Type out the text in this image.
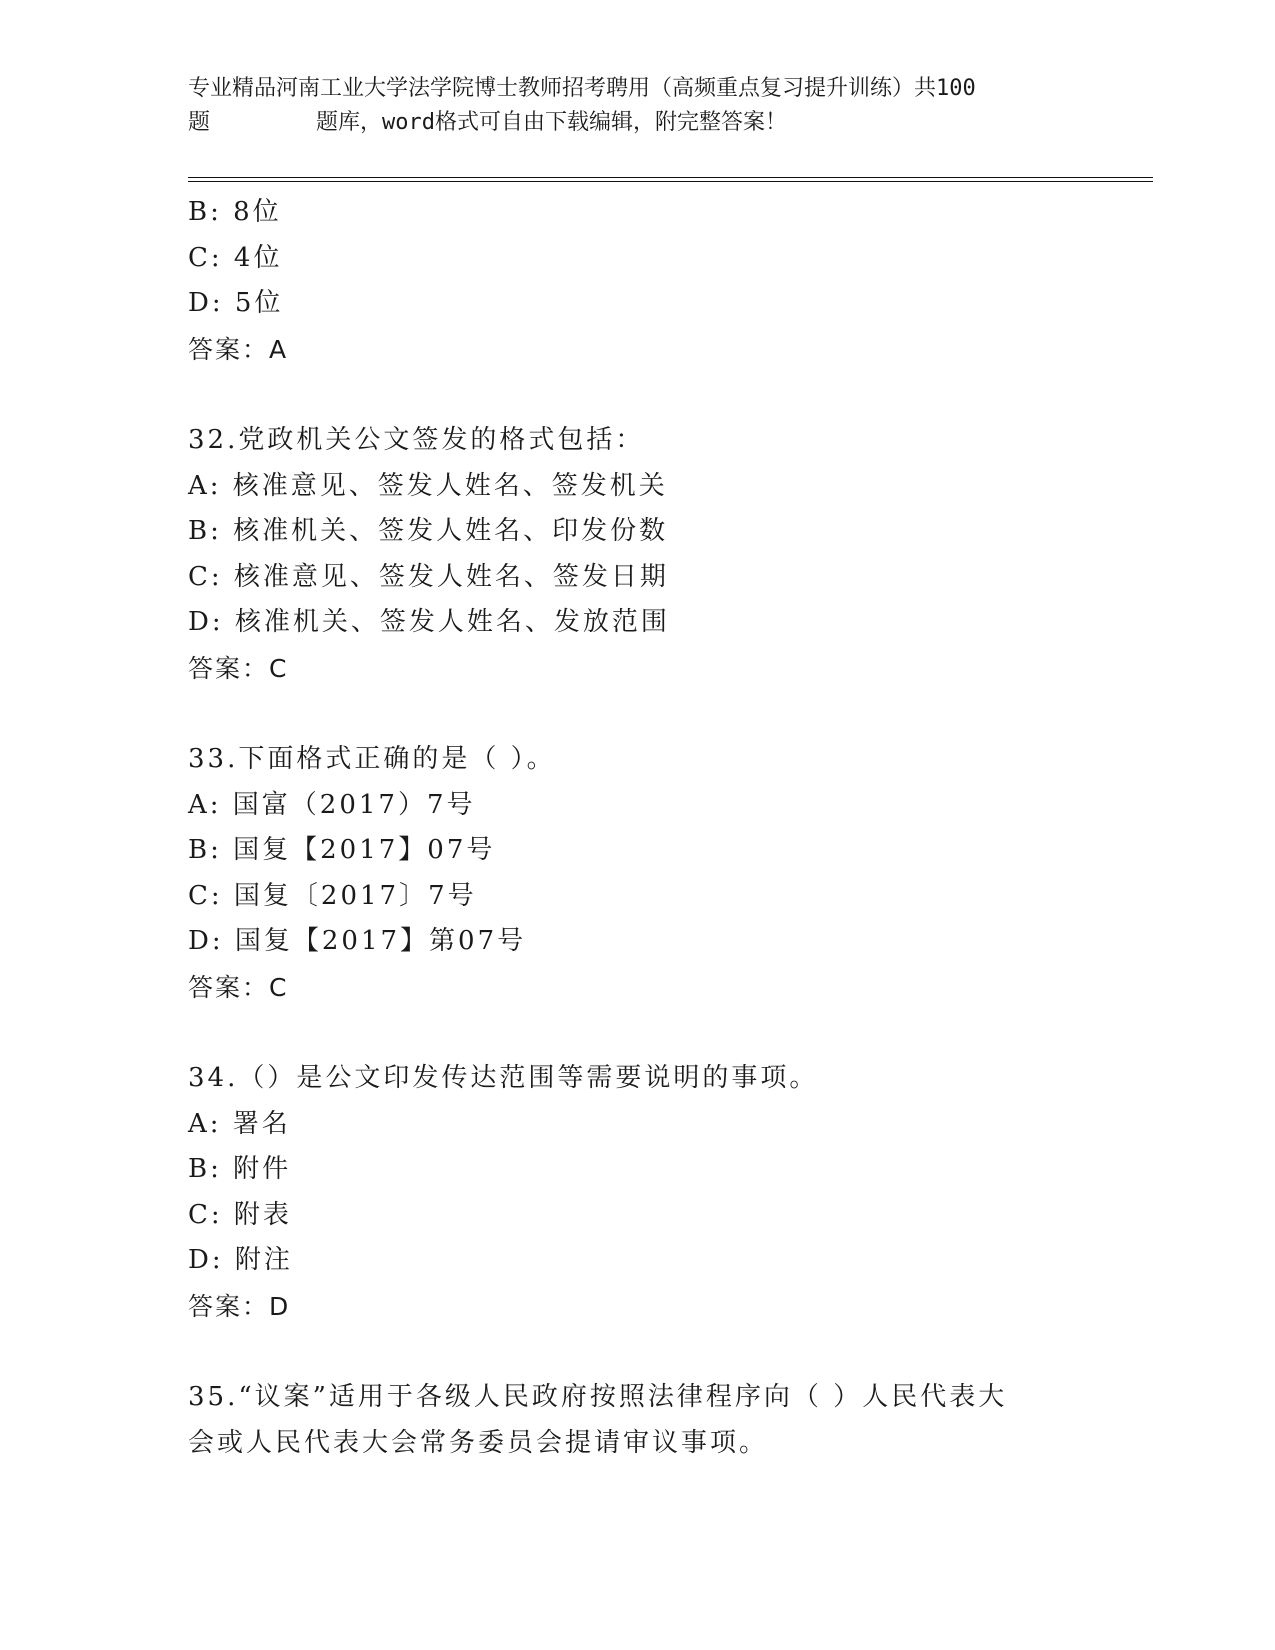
专业精品河南工业大学法学院博士教师招考聘用（高频重点复习提升训练）共100
题        题库，word格式可自由下载编辑，附完整答案！
B: 8位
C: 4位
D: 5位
答案：A
32.党政机关公文签发的格式包括：
A: 核准意见、签发人姓名、签发机关
B: 核准机关、签发人姓名、印发份数
C: 核准意见、签发人姓名、签发日期
D: 核准机关、签发人姓名、发放范围
答案：C
33.下面格式正确的是（ ）。
A: 国富（2017）7号
B: 国复【2017】07号
C: 国复〔2017〕7号
D: 国复【2017】第07号
答案：C
34.（）是公文印发传达范围等需要说明的事项。
A: 署名
B: 附件
C: 附表
D: 附注
答案：D
35.“议案”适用于各级人民政府按照法律程序向（ ）人民代表大
会或人民代表大会常务委员会提请审议事项。
